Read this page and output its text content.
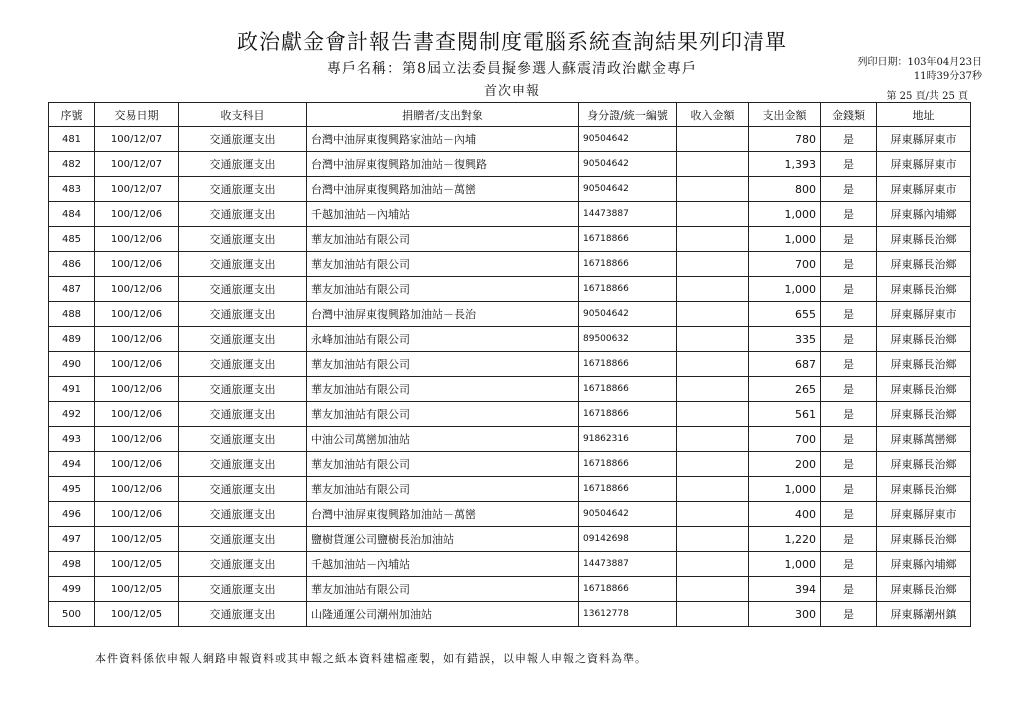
政治獻金會計報告書查閱制度電腦系統查詢結果列印清單
專戶名稱：第8屆立法委員擬參選人蘇震清政治獻金專戶
首次申報
列印日期：103年04月23日
11時39分37秒
第 25 頁/共 25 頁
序號	交易日期	收支科目	捐贈者/支出對象	身分證/統一編號	收入金額	支出金額	金錢類	地址
481	100/12/07	交通旅運支出	台灣中油屏東復興路家油站－內埔	90504642		780	是	屏東縣屏東市
482	100/12/07	交通旅運支出	台灣中油屏東復興路加油站－復興路	90504642		1,393	是	屏東縣屏東市
483	100/12/07	交通旅運支出	台灣中油屏東復興路加油站－萬巒	90504642		800	是	屏東縣屏東市
484	100/12/06	交通旅運支出	千越加油站－內埔站	14473887		1,000	是	屏東縣內埔鄉
485	100/12/06	交通旅運支出	華友加油站有限公司	16718866		1,000	是	屏東縣長治鄉
486	100/12/06	交通旅運支出	華友加油站有限公司	16718866		700	是	屏東縣長治鄉
487	100/12/06	交通旅運支出	華友加油站有限公司	16718866		1,000	是	屏東縣長治鄉
488	100/12/06	交通旅運支出	台灣中油屏東復興路加油站－長治	90504642		655	是	屏東縣屏東市
489	100/12/06	交通旅運支出	永峰加油站有限公司	89500632		335	是	屏東縣長治鄉
490	100/12/06	交通旅運支出	華友加油站有限公司	16718866		687	是	屏東縣長治鄉
491	100/12/06	交通旅運支出	華友加油站有限公司	16718866		265	是	屏東縣長治鄉
492	100/12/06	交通旅運支出	華友加油站有限公司	16718866		561	是	屏東縣長治鄉
493	100/12/06	交通旅運支出	中油公司萬巒加油站	91862316		700	是	屏東縣萬巒鄉
494	100/12/06	交通旅運支出	華友加油站有限公司	16718866		200	是	屏東縣長治鄉
495	100/12/06	交通旅運支出	華友加油站有限公司	16718866		1,000	是	屏東縣長治鄉
496	100/12/06	交通旅運支出	台灣中油屏東復興路加油站－萬巒	90504642		400	是	屏東縣屏東市
497	100/12/05	交通旅運支出	鹽樹貨運公司鹽樹長治加油站	09142698		1,220	是	屏東縣長治鄉
498	100/12/05	交通旅運支出	千越加油站－內埔站	14473887		1,000	是	屏東縣內埔鄉
499	100/12/05	交通旅運支出	華友加油站有限公司	16718866		394	是	屏東縣長治鄉
500	100/12/05	交通旅運支出	山隆通運公司潮州加油站	13612778		300	是	屏東縣潮州鎮
本件資料係依申報人網路申報資料或其申報之紙本資料建檔產製，如有錯誤，以申報人申報之資料為準。
